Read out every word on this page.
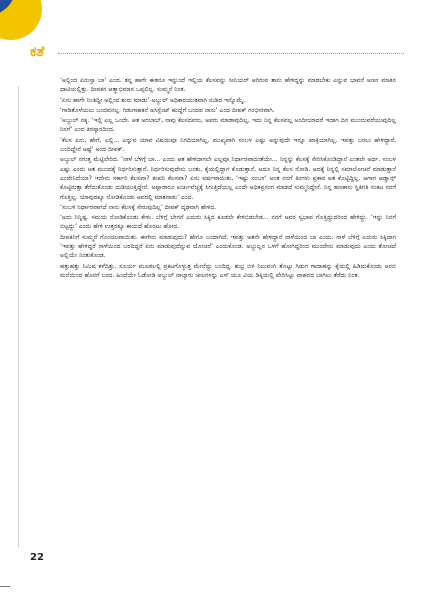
ಕತೆ

‘ಅಲ್ಲಿಂದ ಏನುಸ್ತಾ ಬಾ’ ಎಂದ. ತನ್ನ ಹಾಗೇ ಈತನೂ ಇನ್ನುಂದೆ ಇಲ್ಲಿಯ ಕೆಲಸವನ್ನು ಸೀನಿಯರ್ ಆಗಿರುವ ತಾನು ಹೇಳಿದ್ದನ್ನು ಮಾಡಬೇಕು ಎನ್ನುವ ಭಾವನೆ ಅಣನ ಮಾತಿನ ಧಾಟಿಯಲ್ಲಿತ್ತು. ದೀಪಕನ ಆತ್ಮಾಭಿಮಾನ ಒಪ್ಪಲಿಲ್ಲ. ಸುಮ್ಮನೆ ನಿಂತ.

‘ಏನು ಹಾಗೇ ನಿಂತಿದ್ದೀ ಅಲ್ಲಿಂದ ಶುರು ಮಾಡು’ ಅಬ್ದುಲ್ ಅಧಿಕಾರಯುತವಾಗಿ ನುಡಿದ ಇನ್ನೊಮ್ಮೆ.

‘ಗಾಡಿತೊಳೆಯಲು ಬಂದವನಲ್ಲ. ಗಿಡುಗಾಹಕನೆ ಅಸಿಸ್ಟೆಂಟ್ ಹುದ್ದೆಗೆ ಬಂದವ ನಾನು’ ಎಂದ ದೀಪಕ್ ಗಂಭೀರವಾಗಿ.

‘ಅಬ್ದುಲ್ ನಕ್ಕ. ‘ಇಲ್ಲಿ ಎಲ್ಲ ಒಂದೇ. ಆತ ಅರಬಾಬ್, ನಾವು ಕೆಲಸದವರು, ಅವರು ಮಾಡಾವುದಿಲ್ಲ, ಇದು ನಿನ್ನ ಕೆಲಸವಲ್ಲ ಅಂದೀಯಾದರೆ ಇದಾಗ ದಿನ ಮುಂದುವರೆಯುವುದಿಲ್ಲ ನಿನಗೆ’ ಎಂದ ತಿರಸ್ಕಾರದಿಂದ.

‘ಕೆಲಸ ಏನು, ಹೇಗೆ, ಎಲ್ಲಿ... ಎನ್ನುವ ಯಾವ ವಿಷಯವೂ ನಿಗದಿಯಾಗಿಲ್ಲ. ಮುಖ್ಯವಾಗಿ ಸಂಬಳ ಎಷ್ಟು ಅನ್ನುವುದೇ ಇನ್ನೂ ಖಾತ್ರಿಯಾಗಿಲ್ಲ. ಇವತ್ತು ಬರಲು ಹೇಳಿದ್ದಾರೆ, ಬಂದಿದ್ದೇನೆ ಅಷ್ಟೆ’ ಅಂದ ದೀಪಕ್.

ಅಬ್ದುಲ್ ನಗುತ್ತ ಮೆಟ್ಟಿಲೇರಿದ. ‘ನಾಳೆ ಬೆಳಿಗ್ಗೆ ಬಾ... ಎಂದು ಆತ ಹೇಳಿದಾಗಲೇ ಎಲ್ಲವೂ ನಿರ್ಧಾರವಾದಂತೆಯೇ... ನಿನ್ನನ್ನು ಕೆಲಸಕ್ಕೆ ಸೇರಿಸಿಕೊಂಡಿದ್ದಾನೆ ಎಂತಲೇ ಅರ್ಥ. ಸಂಬಳ ಎಷ್ಟು ಎಂದು ಆತ ಮುಂದಕ್ಕೆ ನಿರ್ಧರಿಸುತ್ತಾನೆ. ನಿರ್ಧರಿಸುವುದೇನು ಬಂತು, ಕೈಯಲ್ಲಿದ್ದಾಗ ಕೊಡುತ್ತಾನೆ, ಅದೂ ನಿನ್ನ ಕೆಲಸ ನೋಡಿ. ಆದಕ್ಕೆ ನಿನ್ನಲ್ಲಿ ಸಮಾಲೋಚನೆ ಮಾಡುತ್ತಾನೆ ಎಂದೇನಿದೆಯಾ? ಇದೇನು ಸರ್ಕಾರಿ ಕೆಲಸವಾ? ಕಂಪನಿ ಕೆಲಸವಾ? ಏನು ವರ್ಷವಾಯಿತು, ‘ಇಷ್ಟು ಸಂಬಳ’ ಅಂತ ನನಗೆ ತಿಂಗಳು ಪ್ರಕಾರ ಆತ ಕೊಟ್ಟಿದ್ದಿಲ್ಲ. ಆಗಾಗ ಆಡ್ವಾನ್ಸ್ ಕೊಟ್ಟಿರುತ್ತಾ ತೆಗೆದುಕೊಂಡು ದುಡಿಯುತ್ತಿದ್ದೇನೆ. ಅಪ್ಪಾರಾರೂ ಖರ್ಚುವೆಚ್ಚಕ್ಕೆ ಸಿಗುತ್ತಿದೆಯಲ್ಲ ಎಂದೇ ಅಧಿಕಪ್ರಸಂಗ ಮಾಡದೆ ಸುಮ್ಮನಿದ್ದೇನೆ. ನಿನ್ನ ಹಣಕಾಸು ಸ್ಥಿತಿಗತಿ ಸಂಕಟ ನನಗೆ ಗೊತ್ತಿಲ್ಲ. ಯಾವುದಕ್ಕೂ ನೋಡಿಕೊಂಡು ಆವರಲ್ಲಿ ಮಾತನಾಡು’ ಎಂದ.

‘ಸಂಬಳ ನಿರ್ಧಾರವಾಗದೆ ನಾನು ಕೆಲಸಕ್ಕೆ ಸೇರುವುದಿಲ್ಲ’ ದೀಪಕ್ ದೃಢವಾಗಿ ಹೇಳಿದ.

‘ಅದು ನಿನ್ನಿಷ್ಟ. ಸಮಯ ನೋಡಿಕೊಂಡು ಕೇಳು. ಬೆಳಿಗ್ಗೆ ಬೇಗನೆ ಎದುರು ಸಿಕ್ಕಿದ ಕೂಡಲೇ ಕೇಳಿಬಿಡಬೇಡ... ನನಗೆ ಅವರ ಸ್ವಭಾವ ಗೊತ್ತಿದ್ದುದರಿಂದ ಹೇಳಿದ್ದು. ‘ಇನ್ನು ನಿನಗೆ ಬಿಟ್ಟದ್ದು’ ಎಂದು ಹೇಳಿ ಉತ್ತರಕ್ಕೂ ಕಾಯದೆ ಹೊರಟು ಹೋದ.

ದೀಪಕನಿಗೆ ಸುಮ್ಮನೆ ಗೊಂದಲವಾಯಿತು. ಈಗೇನು ಮಾಡುವುದು? ಹೇಗೂ ಬಂದಾಗಿದೆ. ಇವತ್ತು ಆತನೇ ಹೇಳಿದ್ದಾನೆ ನಾಳೆಯಿಂದ ಬಾ ಎಂದು. ನಾಳೆ ಬೆಳಿಗ್ಗೆ ಎದುರು ಸಿಕ್ಕಿದಾಗ ‘ಇವತ್ತು ಹೇಳಿದ್ದರೆ ನಾಳೆಯಿಂದ ಬರದಿದ್ದರೆ ಏನು ಮಾಡುವುದೆನ್ನುವ ಯೋಚನೆ’ ಎಂದುಕೊಂಡ. ಅಬ್ದುಲ್ಲನ ಒಳಗೆ ಹೋಗಿದ್ದರಿಂದ ಮುಂದೇನು ಮಾಡುವುದು ಎಂದು ತೋಚದೆ ಅಲ್ಲಿಯೇ ನಿಂತುಕೊಂಡ.

ಹತ್ತುಹತ್ತು ನಿಮಿಷ ಕಳೆದಿತ್ತು. ಸೂರ್ಯ ಮೂಡಲಲ್ಲಿ ಪ್ರಕಟಗೊಳ್ಳುತ್ತ ಮೇಲೆದ್ದು ಬಂದಿದ್ದ. ಶುಭ್ರ ಬಿಳಿ ನಿಲುವಂಗಿ ತೊಟ್ಟು ಗಿಡುಗ ಗಾದಾಹನ್ನು ಕೈಯಲ್ಲಿ ಹಿಡಿದುಕೊಂಡು ಅರಬಿ ಮನೆಯಿಂದ ಹೊರಗೆ ಬಂದ. ಹಿಂದೆಯೇ ಓಡೋಡಿ ಅಬ್ದುಲ್ ನಾಲ್ಕಾರು ಚೀಲಗಳನ್ನು ಎಸ್ ಯೂ ವಿಯ ಡಿಕ್ಕಿಯಲ್ಲಿ ಪೇರಿಸಿಟ್ಟು ವಾಹನದ ಬಾಗಿಲು ತೆರೆದು ನಿಂತ.

22
